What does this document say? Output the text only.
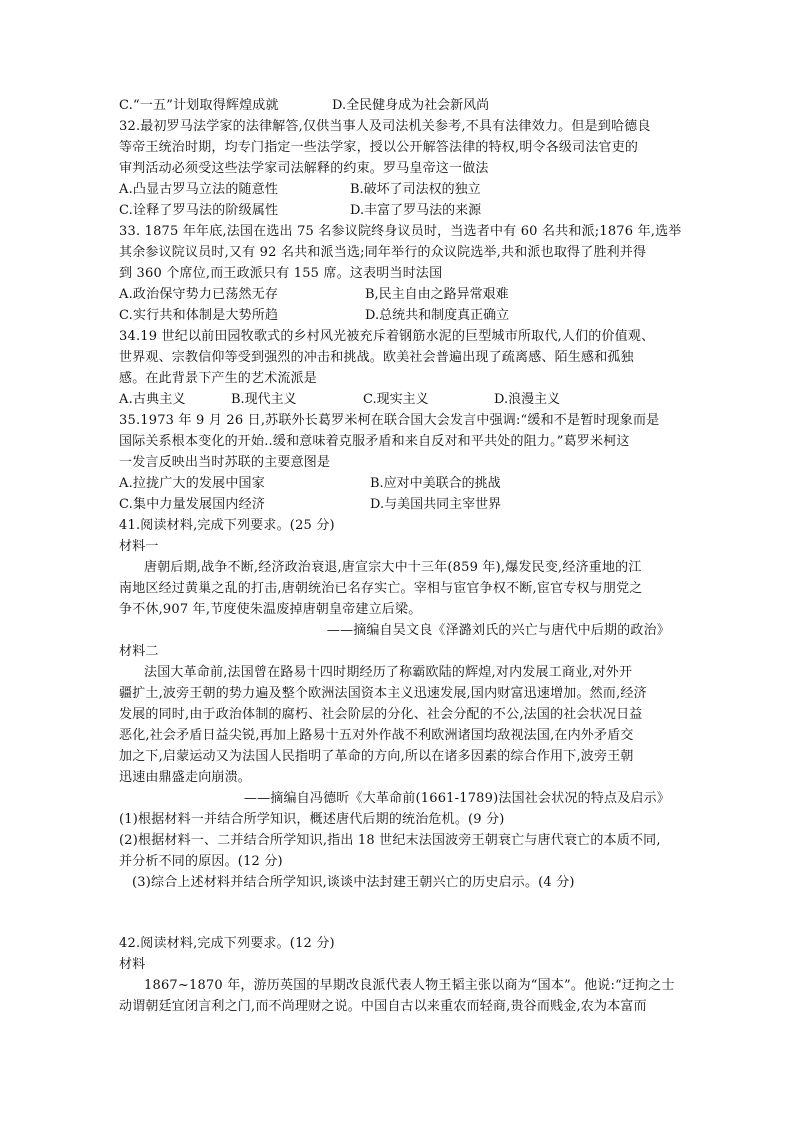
C.“一五”计划取得辉煌成就	D.全民健身成为社会新风尚
32.最初罗马法学家的法律解答,仅供当事人及司法机关参考,不具有法律效力。但是到哈德良
等帝王统治时期，均专门指定一些法学家，授以公开解答法律的特权,明令各级司法官吏的
审判活动必须受这些法学家司法解释的约束。罗马皇帝这一做法
A.凸显古罗马立法的随意性	B.破坏了司法权的独立
C.诠释了罗马法的阶级属性	D.丰富了罗马法的来源
33. 1875 年年底,法国在选出 75 名参议院终身议员时，当选者中有 60 名共和派;1876 年,选举
其余参议院议员时,又有 92 名共和派当选;同年举行的众议院选举,共和派也取得了胜利并得
到 360 个席位,而王政派只有 155 席。这表明当时法国
A.政治保守势力已荡然无存	B,民主自由之路异常艰难
C.实行共和体制是大势所趋	D.总统共和制度真正确立
34.19 世纪以前田园牧歌式的乡村风光被充斥着钢筋水泥的巨型城市所取代,人们的价值观、
世界观、宗教信仰等受到强烈的冲击和挑战。欧美社会普遍出现了疏离感、陌生感和孤独
感。在此背景下产生的艺术流派是
A.古典主义	B.现代主义	C.现实主义	D.浪漫主义
35.1973 年 9 月 26 日,苏联外长葛罗米柯在联合国大会发言中强调:“缓和不是暂时现象而是
国际关系根本变化的开始..缓和意味着克服矛盾和来自反对和平共处的阻力。”葛罗米柯这
一发言反映出当时苏联的主要意图是
A.拉拢广大的发展中国家	B.应对中美联合的挑战
C.集中力量发展国内经济	D.与美国共同主宰世界
41.阅读材料,完成下列要求。(25 分)
材料一
唐朝后期,战争不断,经济政治衰退,唐宣宗大中十三年(859 年),爆发民变,经济重地的江
南地区经过黄巢之乱的打击,唐朝统治已名存实亡。宰相与宦官争权不断,宦官专权与朋党之
争不休,907 年,节度使朱温废掉唐朝皇帝建立后梁。
——摘编自吴文良《泽潞刘氏的兴亡与唐代中后期的政治》
材料二
法国大革命前,法国曾在路易十四时期经历了称霸欧陆的辉煌,对内发展工商业,对外开
疆扩土,波旁王朝的势力遍及整个欧洲法国资本主义迅速发展,国内财富迅速增加。然而,经济
发展的同时,由于政治体制的腐朽、社会阶层的分化、社会分配的不公,法国的社会状况日益
恶化,社会矛盾日益尖锐,再加上路易十五对外作战不利欧洲诸国均敌视法国,在内外矛盾交
加之下,启蒙运动又为法国人民指明了革命的方向,所以在诸多因素的综合作用下,波旁王朝
迅速由鼎盛走向崩溃。
——摘编自冯德昕《大革命前(1661-1789)法国社会状况的特点及启示》
(1)根据材料一并结合所学知识，概述唐代后期的统治危机。(9 分)
(2)根据材料一、二并结合所学知识,指出 18 世纪末法国波旁王朝衰亡与唐代衰亡的本质不同,
并分析不同的原因。(12 分)
(3)综合上述材料并结合所学知识,谈谈中法封建王朝兴亡的历史启示。(4 分)
42.阅读材料,完成下列要求。(12 分)
材料
1867~1870 年，游历英国的早期改良派代表人物王韬主张以商为“国本”。他说:“迂拘之士
动谓朝廷宜闭言利之门,而不尚理财之说。中国自古以来重农而轻商,贵谷而贱金,农为本富而
